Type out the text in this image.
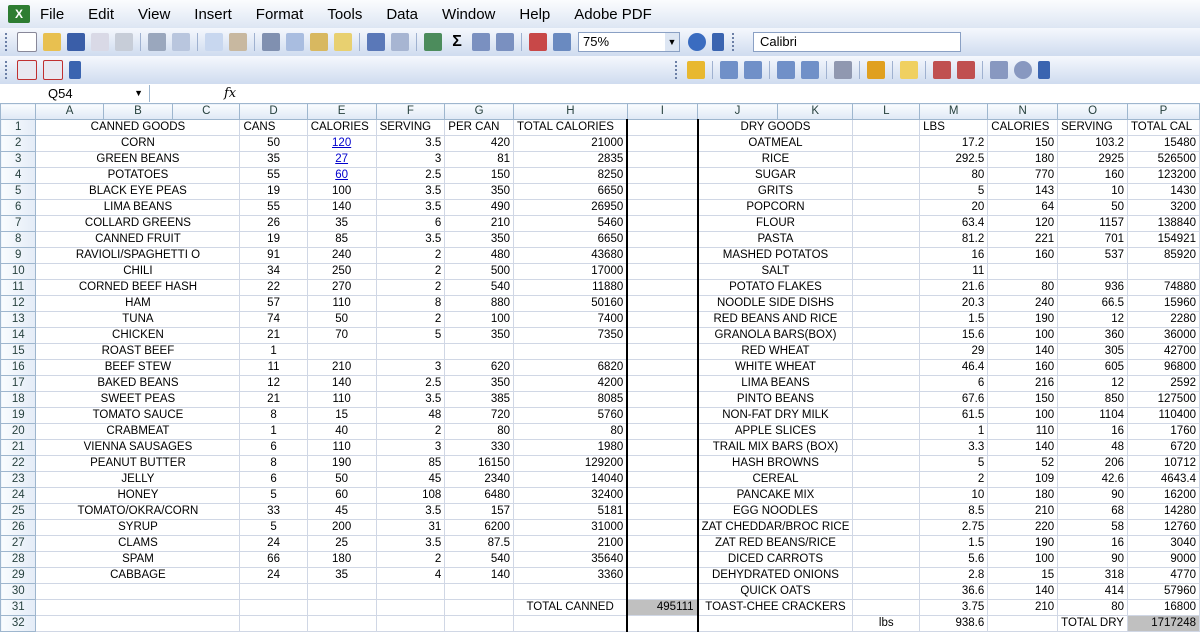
X	File Edit View Insert Format Tools Data Window Help Adobe PDF
Σ	75%	▼	Calibri
Q54	▼	fx
	A	B	C	D	E	F	G	H	I	J	K	L	M	N	O	P
1	CANNED GOODS			CANS	CALORIES	SERVING	PER CAN	TOTAL CALORIES		DRY GOODS			LBS	CALORIES	SERVING	TOTAL CAL
2	CORN			50	120	3.5	420	21000		OATMEAL			17.2	150	103.2	15480
3	GREEN BEANS			35	27	3	81	2835		RICE			292.5	180	2925	526500
4	POTATOES			55	60	2.5	150	8250		SUGAR			80	770	160	123200
5	BLACK EYE PEAS			19	100	3.5	350	6650		GRITS			5	143	10	1430
6	LIMA BEANS			55	140	3.5	490	26950		POPCORN			20	64	50	3200
7	COLLARD GREENS			26	35	6	210	5460		FLOUR			63.4	120	1157	138840
8	CANNED FRUIT			19	85	3.5	350	6650		PASTA			81.2	221	701	154921
9	RAVIOLI/SPAGHETTI O			91	240	2	480	43680		MASHED POTATOS			16	160	537	85920
10	CHILI			34	250	2	500	17000		SALT			11			
11	CORNED BEEF HASH			22	270	2	540	11880		POTATO FLAKES			21.6	80	936	74880
12	HAM			57	110	8	880	50160		NOODLE SIDE DISHS			20.3	240	66.5	15960
13	TUNA			74	50	2	100	7400		RED BEANS AND RICE			1.5	190	12	2280
14	CHICKEN			21	70	5	350	7350		GRANOLA BARS(BOX)			15.6	100	360	36000
15	ROAST BEEF			1						RED WHEAT			29	140	305	42700
16	BEEF STEW			11	210	3	620	6820		WHITE WHEAT			46.4	160	605	96800
17	BAKED BEANS			12	140	2.5	350	4200		LIMA BEANS			6	216	12	2592
18	SWEET PEAS			21	110	3.5	385	8085		PINTO BEANS			67.6	150	850	127500
19	TOMATO SAUCE			8	15	48	720	5760		NON-FAT DRY MILK			61.5	100	1104	110400
20	CRABMEAT			1	40	2	80	80		APPLE SLICES			1	110	16	1760
21	VIENNA SAUSAGES			6	110	3	330	1980		TRAIL MIX BARS (BOX)			3.3	140	48	6720
22	PEANUT BUTTER			8	190	85	16150	129200		HASH BROWNS			5	52	206	10712
23	JELLY			6	50	45	2340	14040		CEREAL			2	109	42.6	4643.4
24	HONEY			5	60	108	6480	32400		PANCAKE MIX			10	180	90	16200
25	TOMATO/OKRA/CORN			33	45	3.5	157	5181		EGG NOODLES			8.5	210	68	14280
26	SYRUP			5	200	31	6200	31000		ZAT CHEDDAR/BROC RICE			2.75	220	58	12760
27	CLAMS			24	25	3.5	87.5	2100		ZAT RED BEANS/RICE			1.5	190	16	3040
28	SPAM			66	180	2	540	35640		DICED CARROTS			5.6	100	90	9000
29	CABBAGE			24	35	4	140	3360		DEHYDRATED ONIONS			2.8	15	318	4770
30										QUICK OATS			36.6	140	414	57960
31								TOTAL CANNED	495111	TOAST-CHEE CRACKERS			3.75	210	80	16800
32												lbs	938.6		TOTAL DRY	1717248
